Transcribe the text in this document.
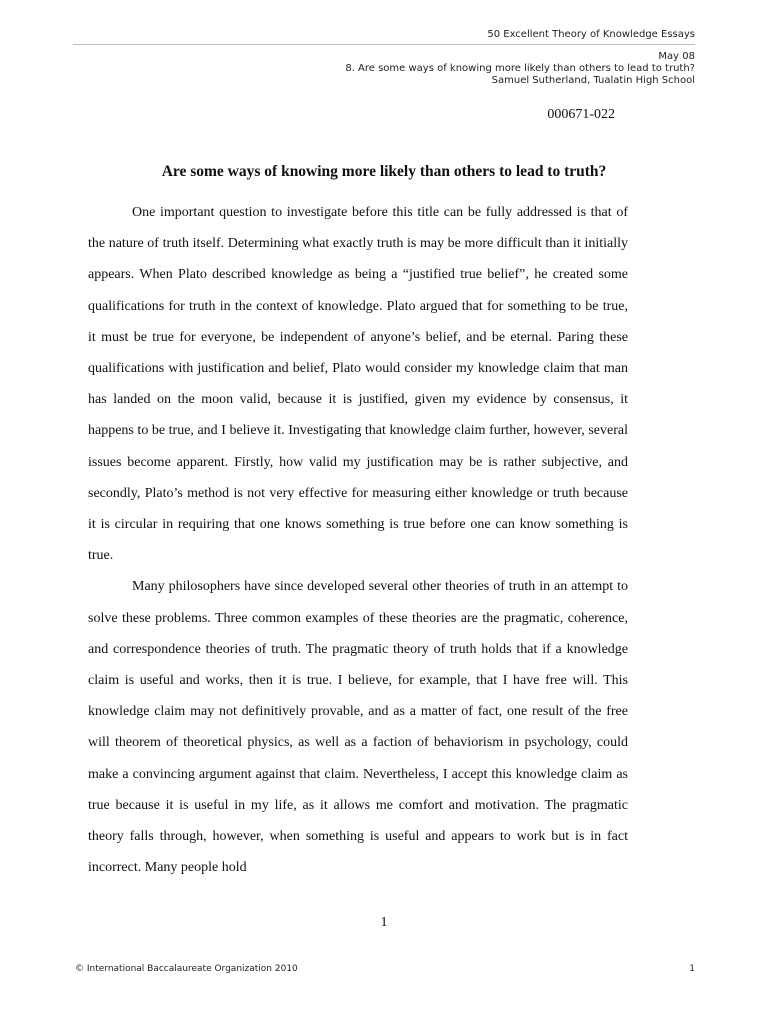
50 Excellent Theory of Knowledge Essays
May 08
8. Are some ways of knowing more likely than others to lead to truth?
Samuel Sutherland, Tualatin High School
000671-022
Are some ways of knowing more likely than others to lead to truth?

One important question to investigate before this title can be fully addressed is that of the nature of truth itself. Determining what exactly truth is may be more difficult than it initially appears. When Plato described knowledge as being a “justified true belief”, he created some qualifications for truth in the context of knowledge. Plato argued that for something to be true, it must be true for everyone, be independent of anyone’s belief, and be eternal. Paring these qualifications with justification and belief, Plato would consider my knowledge claim that man has landed on the moon valid, because it is justified, given my evidence by consensus, it happens to be true, and I believe it. Investigating that knowledge claim further, however, several issues become apparent. Firstly, how valid my justification may be is rather subjective, and secondly, Plato’s method is not very effective for measuring either knowledge or truth because it is circular in requiring that one knows something is true before one can know something is true.

Many philosophers have since developed several other theories of truth in an attempt to solve these problems. Three common examples of these theories are the pragmatic, coherence, and correspondence theories of truth. The pragmatic theory of truth holds that if a knowledge claim is useful and works, then it is true. I believe, for example, that I have free will. This knowledge claim may not definitively provable, and as a matter of fact, one result of the free will theorem of theoretical physics, as well as a faction of behaviorism in psychology, could make a convincing argument against that claim. Nevertheless, I accept this knowledge claim as true because it is useful in my life, as it allows me comfort and motivation. The pragmatic theory falls through, however, when something is useful and appears to work but is in fact incorrect. Many people hold

1
© International Baccalaureate Organization 2010	1
